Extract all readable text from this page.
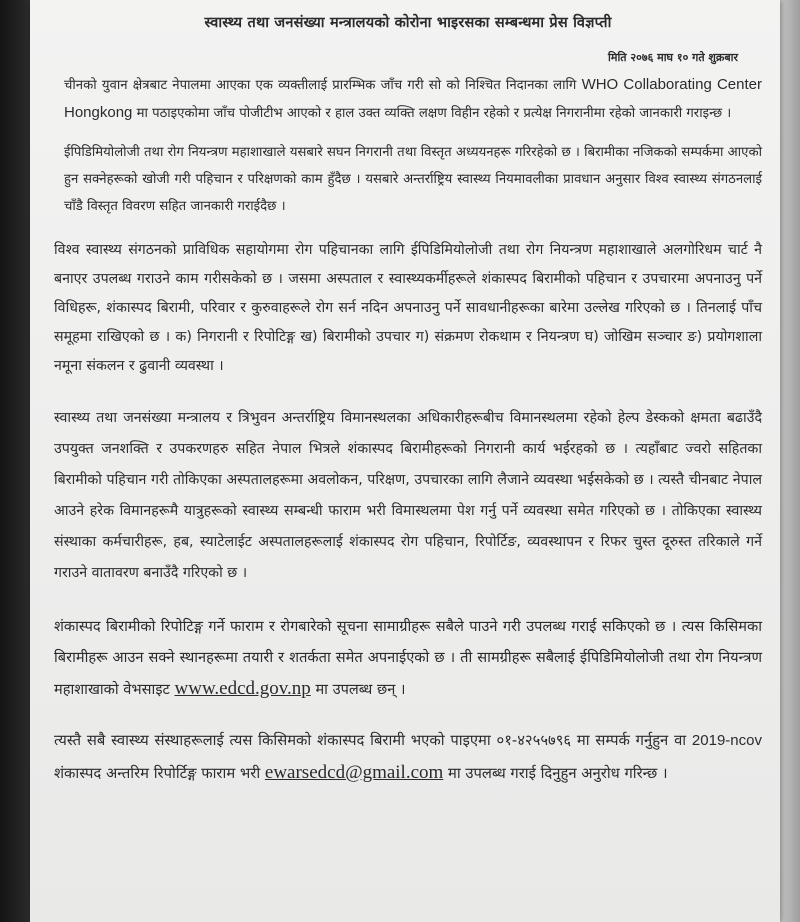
स्वास्थ्य तथा जनसंख्या मन्त्रालयको कोरोना भाइरसका सम्बन्धमा प्रेस विज्ञप्ती
मिति २०७६ माघ १० गते शुक्रबार

चीनको युवान क्षेत्रबाट नेपालमा आएका एक व्यक्तीलाई प्रारम्भिक जाँच गरी सो को निश्चित निदानका लागि WHO Collaborating Center Hongkong मा पठाइएकोमा जाँच पोजीटीभ आएको र हाल उक्त व्यक्ति लक्षण विहीन रहेको र प्रत्येक्ष निगरानीमा रहेको जानकारी गराइन्छ ।

ईपिडिमियोलोजी तथा रोग नियन्त्रण महाशाखाले यसबारे सघन निगरानी तथा विस्तृत अध्ययनहरू गरिरहेको छ । बिरामीका नजिकको सम्पर्कमा आएको हुन सक्नेहरूको खोजी गरी पहिचान र परिक्षणको काम हुँदैछ । यसबारे अन्तर्राष्ट्रिय स्वास्थ्य नियमावलीका प्रावधान अनुसार विश्व स्वास्थ्य संगठनलाई चाँडै विस्तृत विवरण सहित जानकारी गराईदैछ ।

विश्व स्वास्थ्य संगठनको प्राविधिक सहायोगमा रोग पहिचानका लागि ईपिडिमियोलोजी तथा रोग नियन्त्रण महाशाखाले अलगोरिधम चार्ट नै बनाएर उपलब्ध गराउने काम गरीसकेको छ । जसमा अस्पताल र स्वास्थ्यकर्मीहरूले शंकास्पद बिरामीको पहिचान र उपचारमा अपनाउनु पर्ने विधिहरू, शंकास्पद बिरामी, परिवार र कुरुवाहरूले रोग सर्न नदिन अपनाउनु पर्ने सावधानीहरूका बारेमा उल्लेख गरिएको छ । तिनलाई पाँच समूहमा राखिएको छ । क) निगरानी र रिपोटिङ्ग ख) बिरामीको उपचार ग) संक्रमण रोकथाम र नियन्त्रण घ) जोखिम सञ्चार ङ) प्रयोगशाला नमूना संकलन र ढुवानी व्यवस्था ।

स्वास्थ्य तथा जनसंख्या मन्त्रालय र त्रिभुवन अन्तर्राष्ट्रिय विमानस्थलका अधिकारीहरूबीच विमानस्थलमा रहेको हेल्प डेस्कको क्षमता बढाउँदै उपयुक्त जनशक्ति र उपकरणहरु सहित नेपाल भित्रले शंकास्पद बिरामीहरूको निगरानी कार्य भईरहको छ । त्यहाँबाट ज्वरो सहितका बिरामीको पहिचान गरी तोकिएका अस्पतालहरूमा अवलोकन, परिक्षण, उपचारका लागि लैजाने व्यवस्था भईसकेको छ । त्यस्तै चीनबाट नेपाल आउने हरेक विमानहरूमै यात्रुहरूको स्वास्थ्य सम्बन्धी फाराम भरी विमास्थलमा पेश गर्नु पर्ने व्यवस्था समेत गरिएको छ । तोकिएका स्वास्थ्य संस्थाका कर्मचारीहरू, हब, स्याटेलाईट अस्पतालहरूलाई शंकास्पद रोग पहिचान, रिपोर्टिङ, व्यवस्थापन र रिफर चुस्त दूरुस्त तरिकाले गर्ने गराउने वातावरण बनाउँदै गरिएको छ ।

शंकास्पद बिरामीको रिपोटिङ्ग गर्ने फाराम र रोगबारेको सूचना सामाग्रीहरू सबैले पाउने गरी उपलब्ध गराई सकिएको छ । त्यस किसिमका बिरामीहरू आउन सक्ने स्थानहरूमा तयारी र शतर्कता समेत अपनाईएको छ । ती सामग्रीहरू सबैलाई ईपिडिमियोलोजी तथा रोग नियन्त्रण महाशाखाको वेभसाइट www.edcd.gov.np मा उपलब्ध छन् ।

त्यस्तै सबै स्वास्थ्य संस्थाहरूलाई त्यस किसिमको शंकास्पद बिरामी भएको पाइएमा ०१-४२५५७९६ मा सम्पर्क गर्नुहुन वा 2019-ncov शंकास्पद अन्तरिम रिपोर्टिङ्ग फाराम भरी ewarsedcd@gmail.com मा उपलब्ध गराई दिनुहुन अनुरोध गरिन्छ ।
